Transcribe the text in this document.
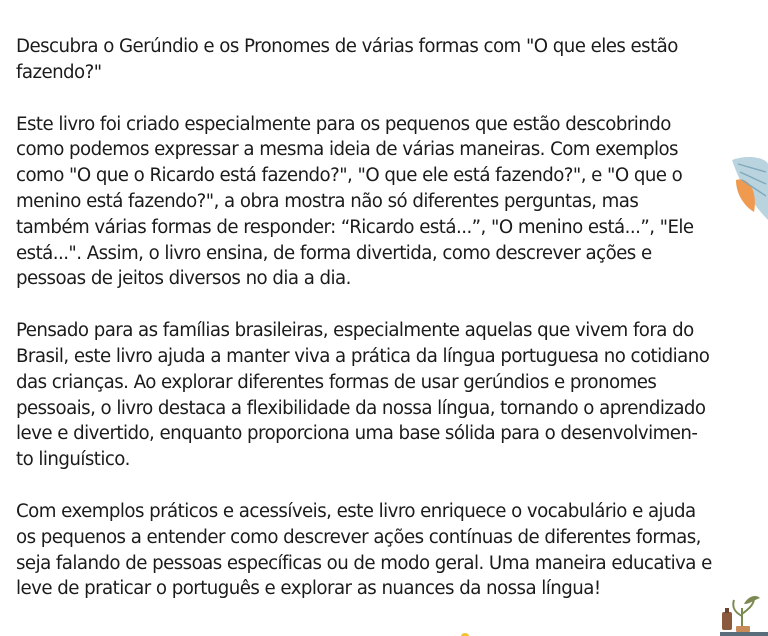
Descubra o Gerúndio e os Pronomes de várias formas com "O que eles estão
fazendo?"

Este livro foi criado especialmente para os pequenos que estão descobrindo
como podemos expressar a mesma ideia de várias maneiras. Com exemplos
como "O que o Ricardo está fazendo?", "O que ele está fazendo?", e "O que o
menino está fazendo?", a obra mostra não só diferentes perguntas, mas
também várias formas de responder: “Ricardo está...”, "O menino está...”, "Ele
está...". Assim, o livro ensina, de forma divertida, como descrever ações e
pessoas de jeitos diversos no dia a dia.

Pensado para as famílias brasileiras, especialmente aquelas que vivem fora do
Brasil, este livro ajuda a manter viva a prática da língua portuguesa no cotidiano
das crianças. Ao explorar diferentes formas de usar gerúndios e pronomes
pessoais, o livro destaca a flexibilidade da nossa língua, tornando o aprendizado
leve e divertido, enquanto proporciona uma base sólida para o desenvolvimen-
to linguístico.

Com exemplos práticos e acessíveis, este livro enriquece o vocabulário e ajuda
os pequenos a entender como descrever ações contínuas de diferentes formas,
seja falando de pessoas específicas ou de modo geral. Uma maneira educativa e
leve de praticar o português e explorar as nuances da nossa língua!
